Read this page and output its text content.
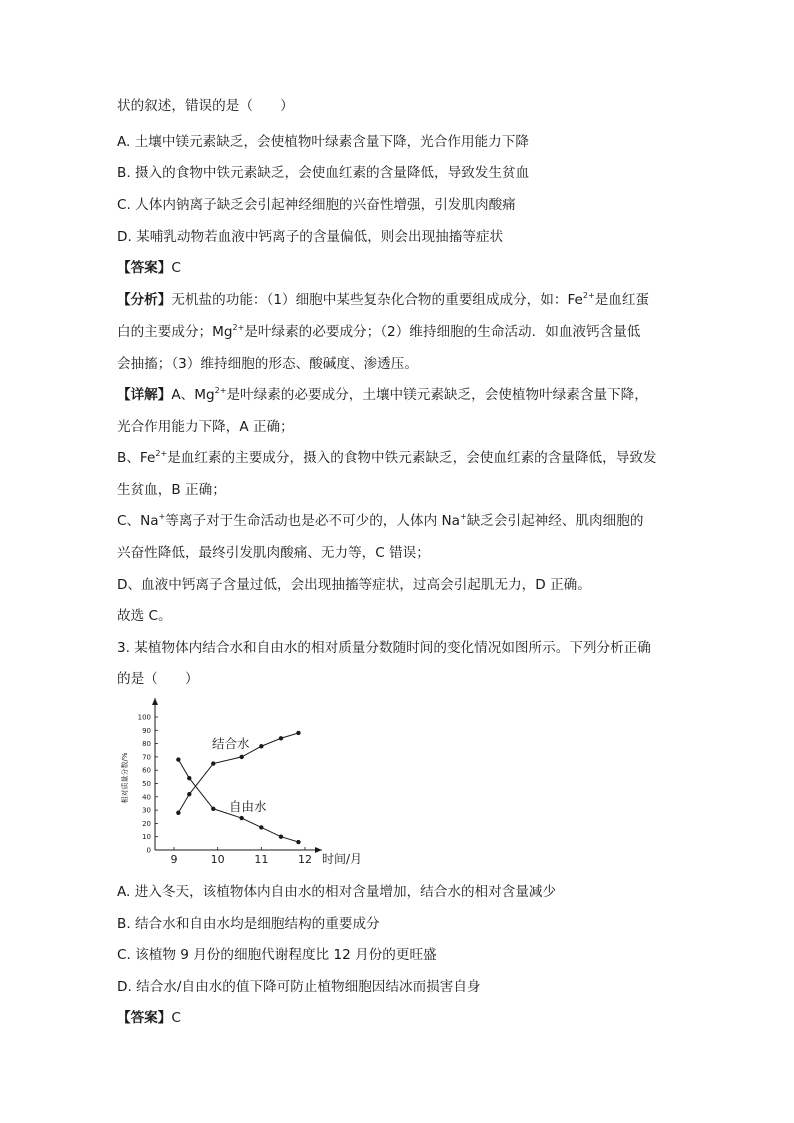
状的叙述，错误的是（　　）
A. 土壤中镁元素缺乏，会使植物叶绿素含量下降，光合作用能力下降
B. 摄入的食物中铁元素缺乏，会使血红素的含量降低，导致发生贫血
C. 人体内钠离子缺乏会引起神经细胞的兴奋性增强，引发肌肉酸痛
D. 某哺乳动物若血液中钙离子的含量偏低，则会出现抽搐等症状
【答案】C
【分析】无机盐的功能：（1）细胞中某些复杂化合物的重要组成成分，如：$Fe^{2+}$是血红蛋
白的主要成分；$Mg^{2+}$是叶绿素的必要成分；（2）维持细胞的生命活动．如血液钙含量低
会抽搐；（3）维持细胞的形态、酸碱度、渗透压。
【详解】A、$Mg^{2+}$是叶绿素的必要成分，土壤中镁元素缺乏，会使植物叶绿素含量下降，
光合作用能力下降，A 正确；
B、$Fe^{2+}$是血红素的主要成分，摄入的食物中铁元素缺乏，会使血红素的含量降低，导致发
生贫血，B 正确；
C、Na+等离子对于生命活动也是必不可少的，人体内 Na+缺乏会引起神经、肌肉细胞的
兴奋性降低，最终引发肌肉酸痛、无力等，C 错误；
D、血液中钙离子含量过低，会出现抽搐等症状，过高会引起肌无力，D 正确。
故选 C。
3. 某植物体内结合水和自由水的相对质量分数随时间的变化情况如图所示。下列分析正确
的是（　　）
0
10
20
30
40
50
60
70
80
90
100
9	10	11	12
相对质量分数/%
时间/月
结合水
自由水
A. 进入冬天，该植物体内自由水的相对含量增加，结合水的相对含量减少
B. 结合水和自由水均是细胞结构的重要成分
C. 该植物 9 月份的细胞代谢程度比 12 月份的更旺盛
D. 结合水/自由水的值下降可防止植物细胞因结冰而损害自身
【答案】C
